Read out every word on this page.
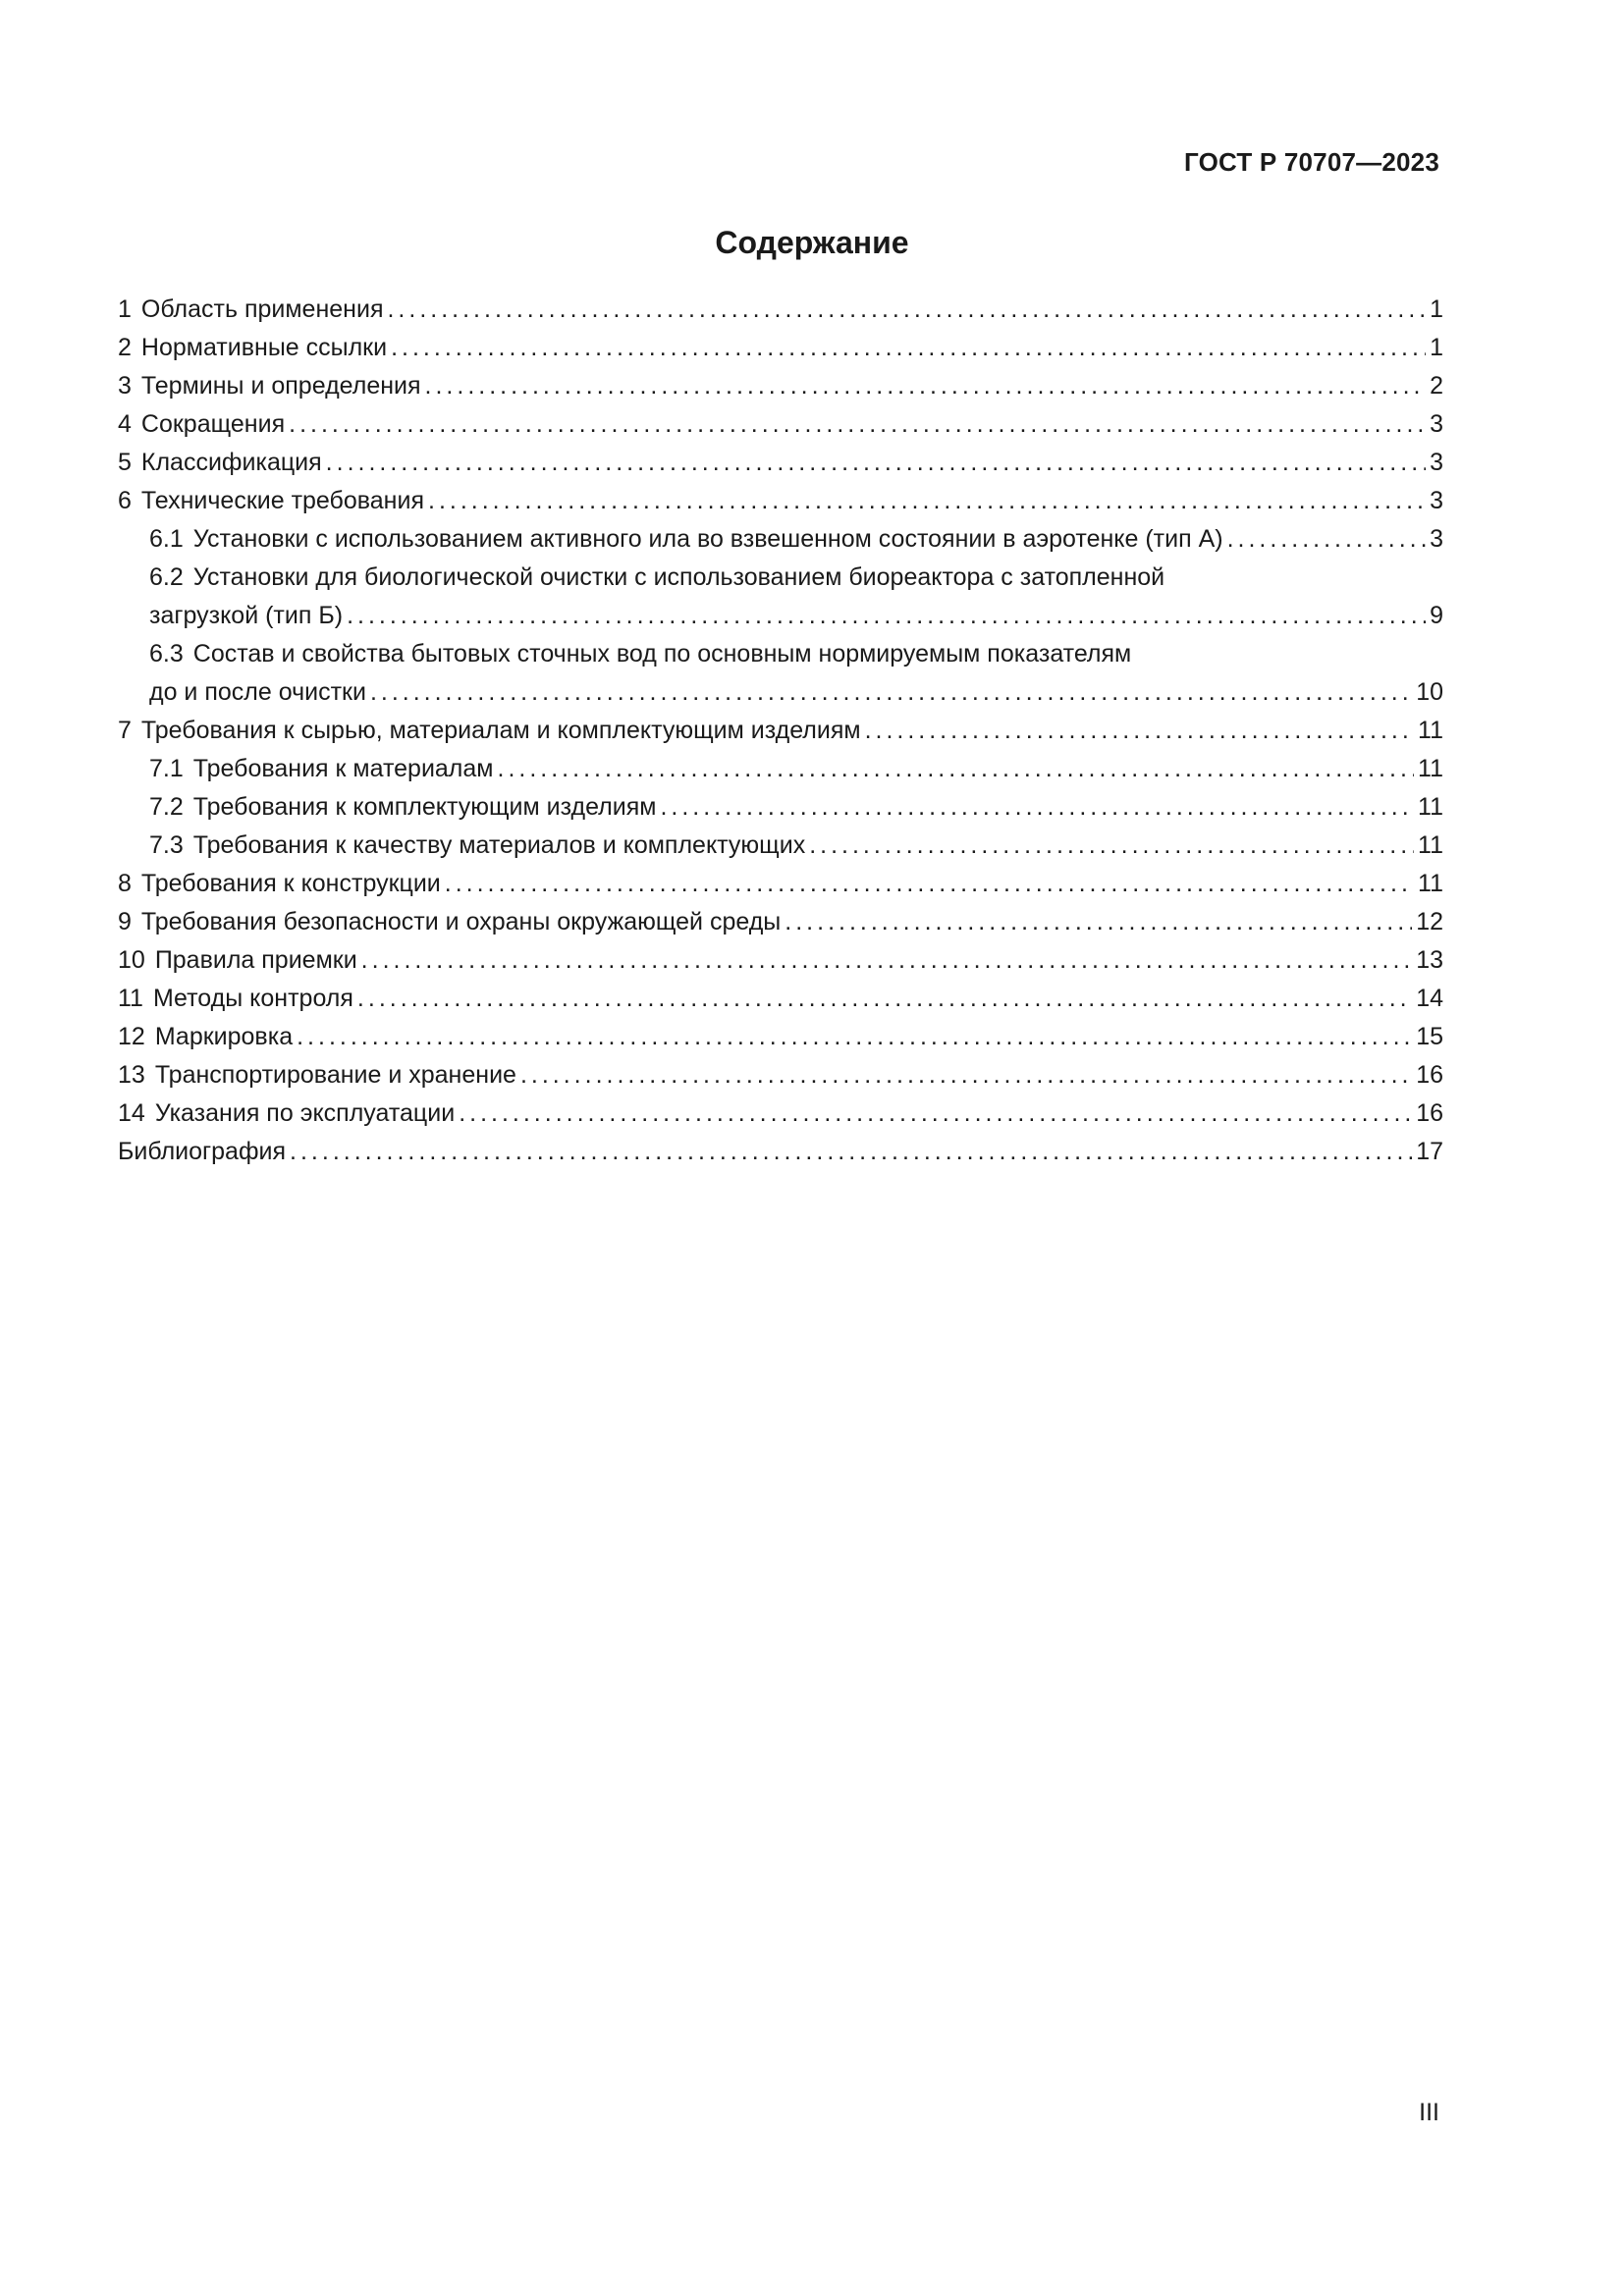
ГОСТ Р 70707—2023
Содержание
1 Область применения .....	1
2 Нормативные ссылки .....	1
3 Термины и определения .....	2
4 Сокращения .....	3
5 Классификация .....	3
6 Технические требования .....	3
6.1 Установки с использованием активного ила во взвешенном состоянии в аэротенке (тип А) .....	3
6.2 Установки для биологической очистки с использованием биореактора с затопленной
загрузкой (тип Б) .....	9
6.3 Состав и свойства бытовых сточных вод по основным нормируемым показателям
до и после очистки .....	10
7 Требования к сырью, материалам и комплектующим изделиям .....	11
7.1 Требования к материалам .....	11
7.2 Требования к комплектующим изделиям .....	11
7.3 Требования к качеству материалов и комплектующих .....	11
8 Требования к конструкции .....	11
9 Требования безопасности и охраны окружающей среды .....	12
10 Правила приемки .....	13
11 Методы контроля .....	14
12 Маркировка .....	15
13 Транспортирование и хранение .....	16
14 Указания по эксплуатации .....	16
Библиография .....	17
III
